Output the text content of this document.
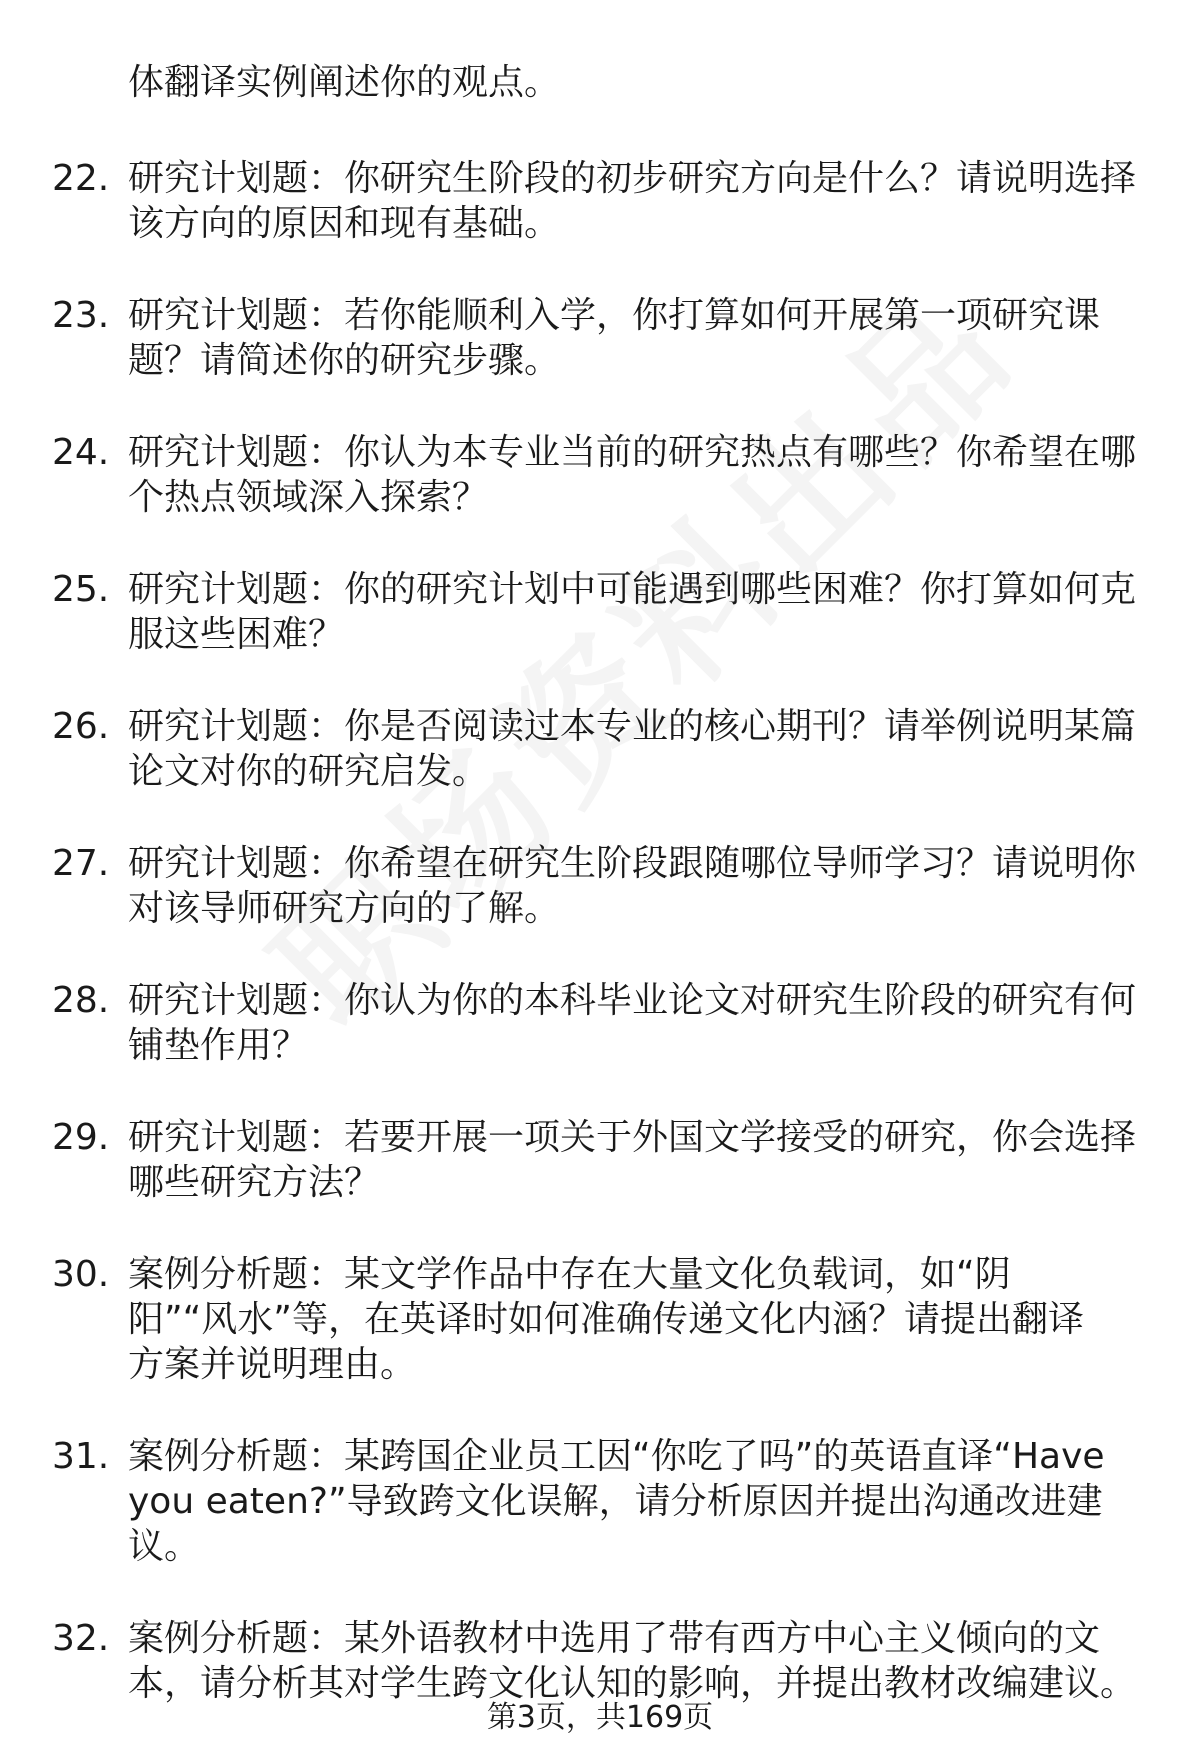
体翻译实例阐述你的观点。
22. 研究计划题：你研究生阶段的初步研究方向是什么？请说明选择
该方向的原因和现有基础。
23. 研究计划题：若你能顺利入学，你打算如何开展第一项研究课
题？请简述你的研究步骤。
24. 研究计划题：你认为本专业当前的研究热点有哪些？你希望在哪
个热点领域深入探索？
25. 研究计划题：你的研究计划中可能遇到哪些困难？你打算如何克
服这些困难？
26. 研究计划题：你是否阅读过本专业的核心期刊？请举例说明某篇
论文对你的研究启发。
27. 研究计划题：你希望在研究生阶段跟随哪位导师学习？请说明你
对该导师研究方向的了解。
28. 研究计划题：你认为你的本科毕业论文对研究生阶段的研究有何
铺垫作用？
29. 研究计划题：若要开展一项关于外国文学接受的研究，你会选择
哪些研究方法？
30. 案例分析题：某文学作品中存在大量文化负载词，如“阴
阳”“风水”等，在英译时如何准确传递文化内涵？请提出翻译
方案并说明理由。
31. 案例分析题：某跨国企业员工因“你吃了吗”的英语直译“Have
you eaten?”导致跨文化误解，请分析原因并提出沟通改进建
议。
32. 案例分析题：某外语教材中选用了带有西方中心主义倾向的文
本，请分析其对学生跨文化认知的影响，并提出教材改编建议。
第3页，共169页
